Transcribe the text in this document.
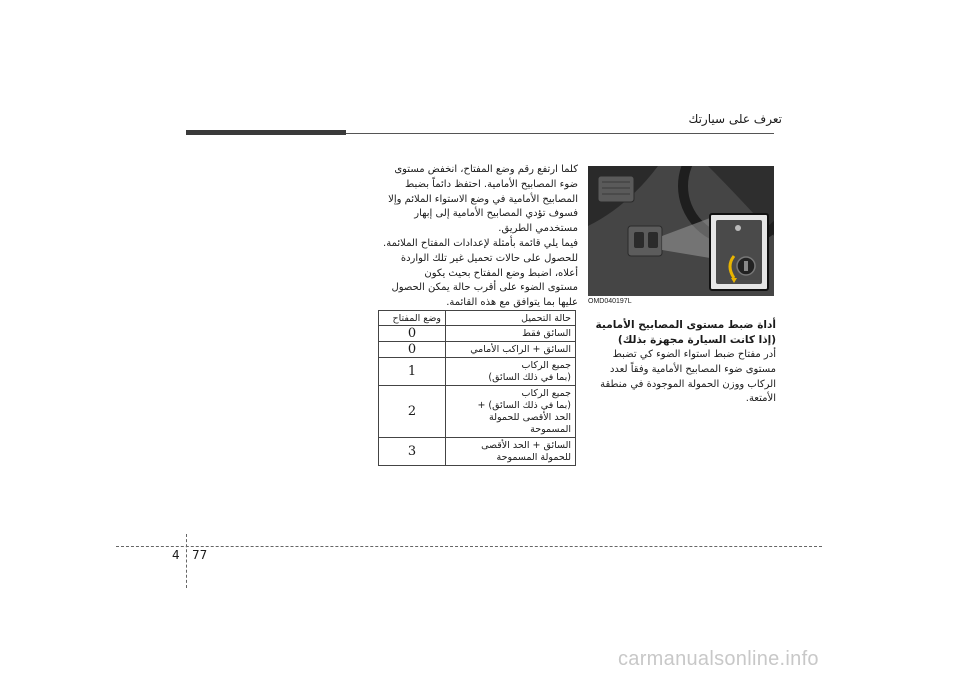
تعرف على سيارتك

كلما ارتفع رقم وضع المفتاح، انخفض مستوى

ضوء المصابيح الأمامية. احتفظ دائماً بضبط

المصابيح الأمامية في وضع الاستواء الملائم وإلا

فسوف تؤدي المصابيح الأمامية إلى إبهار

مستخدمي الطريق.

فيما يلي قائمة بأمثلة لإعدادات المفتاح الملائمة.

للحصول على حالات تحميل غير تلك الواردة

أعلاه، اضبط وضع المفتاح بحيث يكون

مستوى الضوء على أقرب حالة يمكن الحصول

عليها بما يتوافق مع هذه القائمة.

حالة التحميل	وضع المفتاح
السائق فقط	0
السائق + الراكب الأمامي	0
جميع الركاب
(بما في ذلك السائق)	1
جميع الركاب
(بما في ذلك السائق) +
الحد الأقصى للحمولة
المسموحة	2
السائق + الحد الأقصى
للحمولة المسموحة	3
OMD040197L

أداة ضبط مستوى المصابيح الأمامية

(إذا كانت السيارة مجهزة بذلك)

أدر مفتاح ضبط استواء الضوء كي تضبط

مستوى ضوء المصابيح الأمامية وفقاً لعدد

الركاب ووزن الحمولة الموجودة في منطقة

الأمتعة.

4 77
carmanualsonline.info
